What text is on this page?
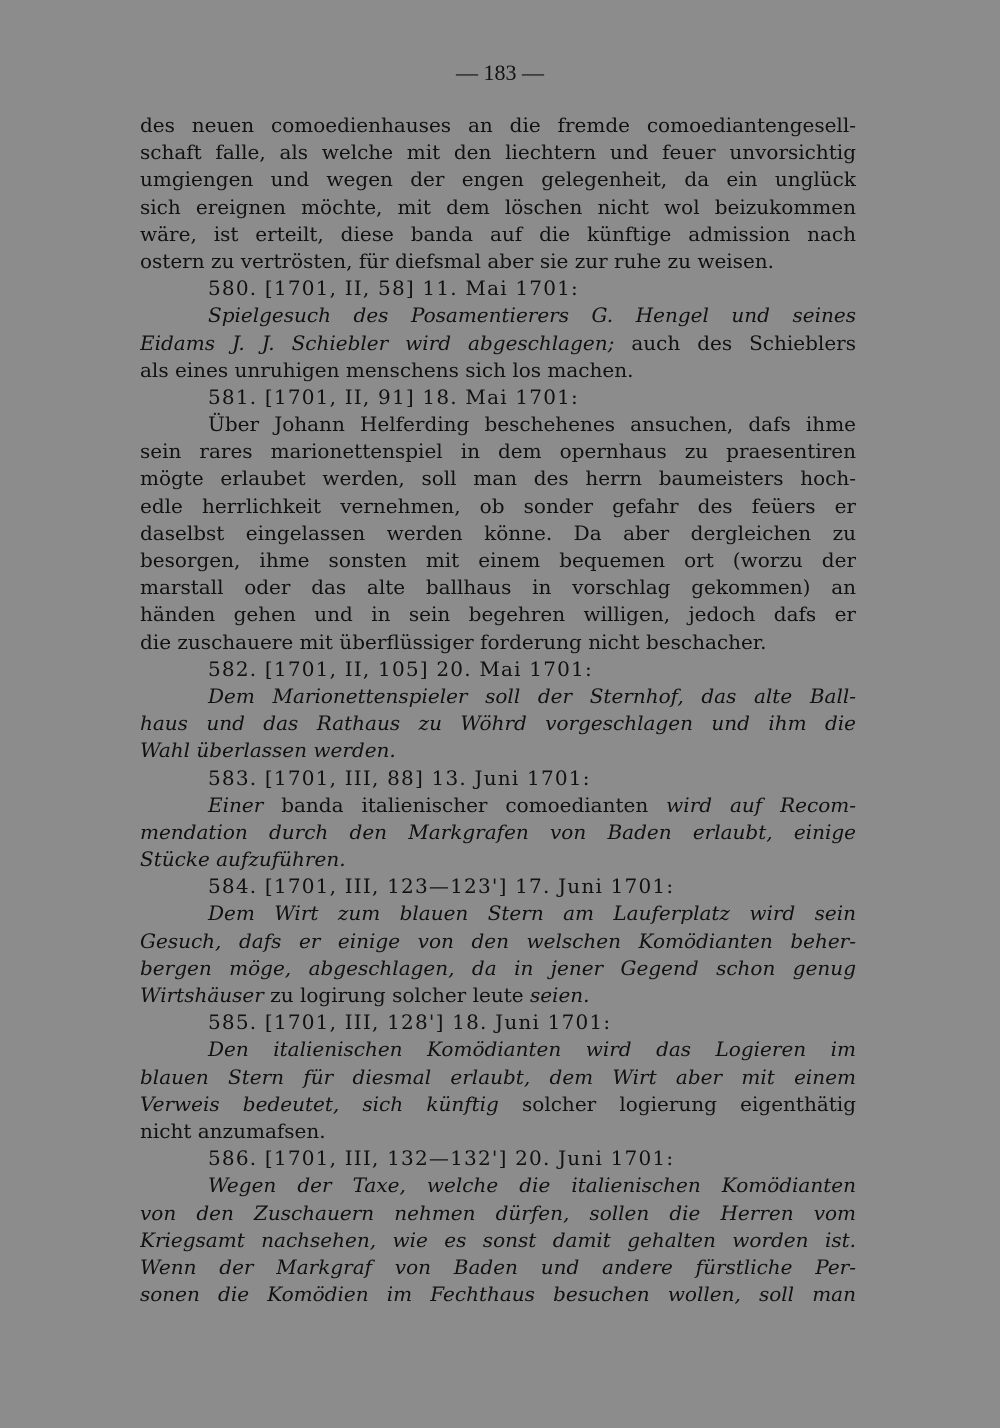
— 183 —
des neuen comoedienhauses an die fremde comoediantengesell-
schaft falle, als welche mit den liechtern und feuer unvorsichtig
umgiengen und wegen der engen gelegenheit, da ein unglück
sich ereignen möchte, mit dem löschen nicht wol beizukommen
wäre, ist erteilt, diese banda auf die künftige admission nach
ostern zu vertrösten, für diefsmal aber sie zur ruhe zu weisen.
580. [1701, II, 58] 11. Mai 1701:
Spielgesuch des Posamentierers G. Hengel und seines
Eidams J. J. Schiebler wird abgeschlagen; auch des Schieblers
als eines unruhigen menschens sich los machen.
581. [1701, II, 91] 18. Mai 1701:
Über Johann Helferding beschehenes ansuchen, dafs ihme
sein rares marionettenspiel in dem opernhaus zu praesentiren
mögte erlaubet werden, soll man des herrn baumeisters hoch-
edle herrlichkeit vernehmen, ob sonder gefahr des feüers er
daselbst eingelassen werden könne. Da aber dergleichen zu
besorgen, ihme sonsten mit einem bequemen ort (worzu der
marstall oder das alte ballhaus in vorschlag gekommen) an
händen gehen und in sein begehren willigen, jedoch dafs er
die zuschauere mit überflüssiger forderung nicht beschacher.
582. [1701, II, 105] 20. Mai 1701:
Dem Marionettenspieler soll der Sternhof, das alte Ball-
haus und das Rathaus zu Wöhrd vorgeschlagen und ihm die
Wahl überlassen werden.
583. [1701, III, 88] 13. Juni 1701:
Einer banda italienischer comoedianten wird auf Recom-
mendation durch den Markgrafen von Baden erlaubt, einige
Stücke aufzuführen.
584. [1701, III, 123—123'] 17. Juni 1701:
Dem Wirt zum blauen Stern am Lauferplatz wird sein
Gesuch, dafs er einige von den welschen Komödianten beher-
bergen möge, abgeschlagen, da in jener Gegend schon genug
Wirtshäuser zu logirung solcher leute seien.
585. [1701, III, 128'] 18. Juni 1701:
Den italienischen Komödianten wird das Logieren im
blauen Stern für diesmal erlaubt, dem Wirt aber mit einem
Verweis bedeutet, sich künftig solcher logierung eigenthätig
nicht anzumafsen.
586. [1701, III, 132—132'] 20. Juni 1701:
Wegen der Taxe, welche die italienischen Komödianten
von den Zuschauern nehmen dürfen, sollen die Herren vom
Kriegsamt nachsehen, wie es sonst damit gehalten worden ist.
Wenn der Markgraf von Baden und andere fürstliche Per-
sonen die Komödien im Fechthaus besuchen wollen, soll man
